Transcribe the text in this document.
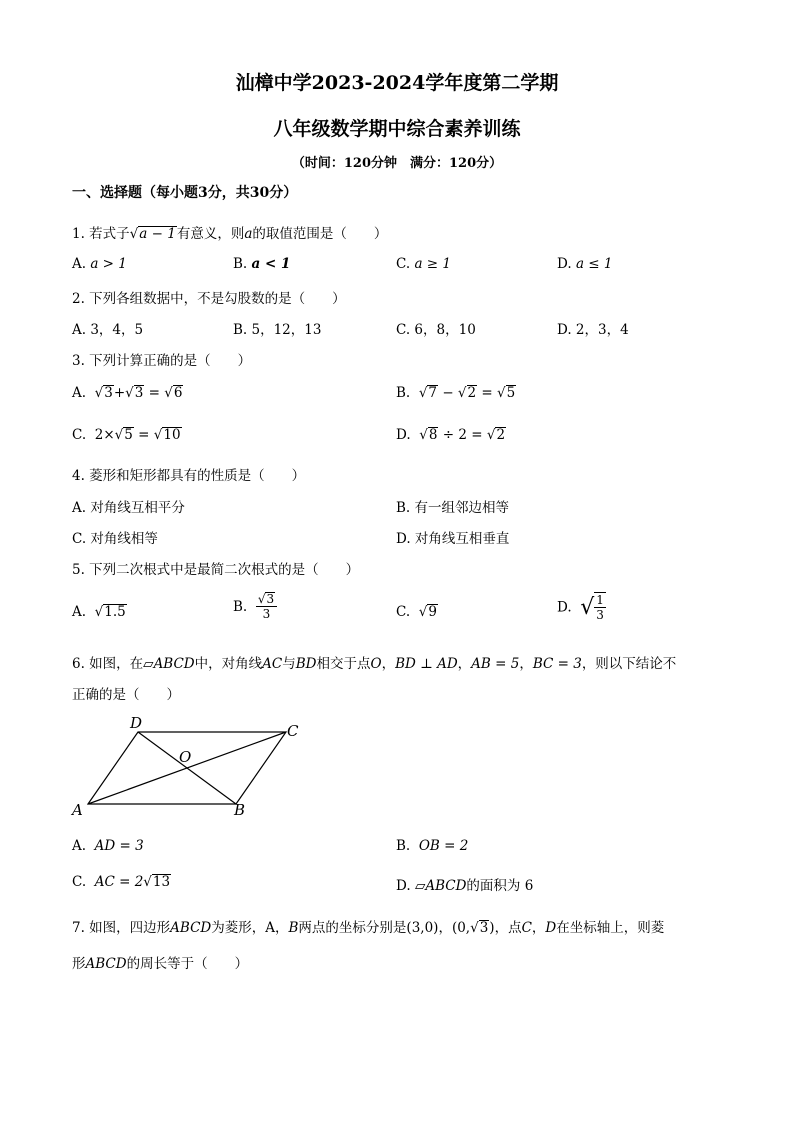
汕樟中学2023-2024学年度第二学期
八年级数学期中综合素养训练
（时间：120分钟　满分：120分）
一、选择题（每小题3分，共30分）
1. 若式子√a − 1有意义，则a的取值范围是（　　）
A. a > 1	B. a < 1	C. a ≥ 1	D. a ≤ 1
2. 下列各组数据中，不是勾股数的是（　　）
A. 3，4，5	B. 5，12，13	C. 6，8，10	D. 2，3，4
3. 下列计算正确的是（　　）
A. √3+√3 = √6	B. √7 − √2 = √5
C. 2×√5 = √10	D. √8 ÷ 2 = √2
4. 菱形和矩形都具有的性质是（　　）
A. 对角线互相平分	B. 有一组邻边相等
C. 对角线相等	D. 对角线互相垂直
5. 下列二次根式中是最简二次根式的是（　　）
A. √1.5	B. $\frac{√3}{3}$	C. √9	D. √ $\frac{1}{3}$
6. 如图，在▱ABCD中，对角线AC与BD相交于点O，BD ⊥ AD，AB = 5，BC = 3，则以下结论不
正确的是（　　）
D	C
A	B
O
A. AD = 3	B. OB = 2
C. AC = 2√13	D. ▱ABCD的面积为 6
7. 如图，四边形ABCD为菱形，A，B两点的坐标分别是(3,0)，(0,√3)，点C，D在坐标轴上，则菱
形ABCD的周长等于（　　）
